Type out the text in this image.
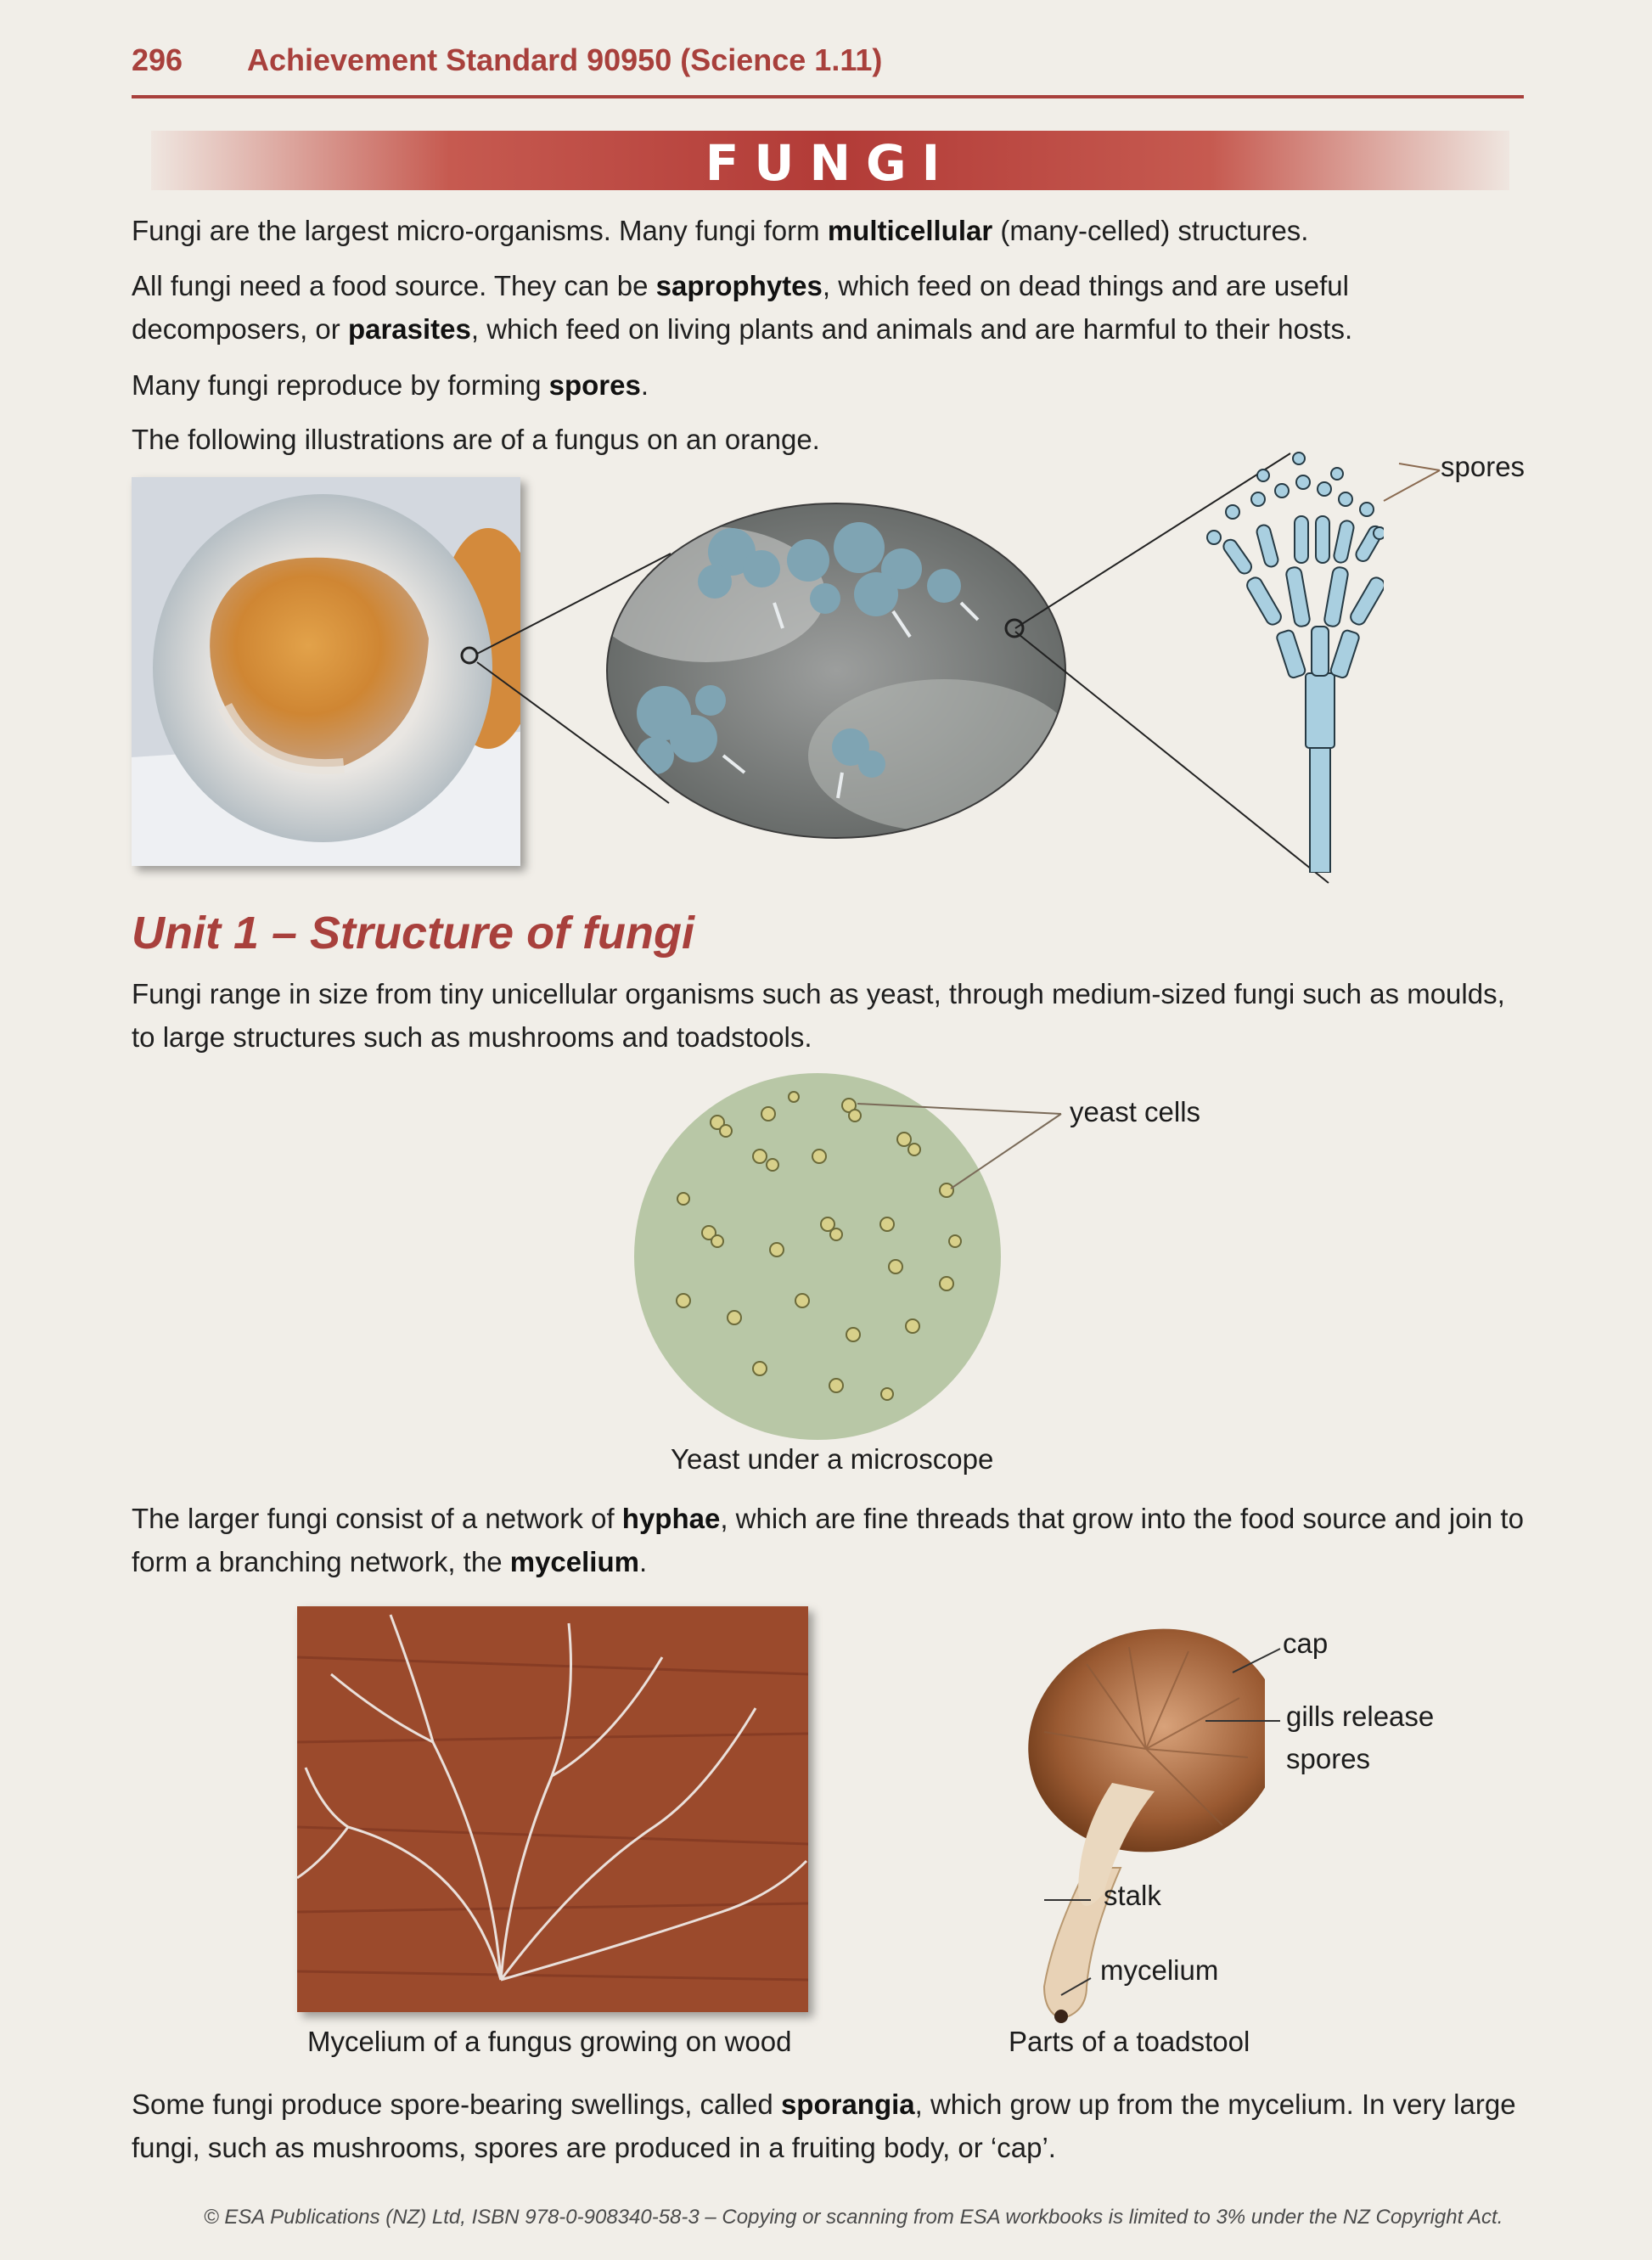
296 Achievement Standard 90950 (Science 1.11)
FUNGI

Fungi are the largest micro-organisms. Many fungi form multicellular (many-celled) structures.

All fungi need a food source. They can be saprophytes, which feed on dead things and are useful decomposers, or parasites, which feed on living plants and animals and are harmful to their hosts.

Many fungi reproduce by forming spores.

The following illustrations are of a fungus on an orange.

spores
Unit 1 – Structure of fungi

Fungi range in size from tiny unicellular organisms such as yeast, through medium-sized fungi such as moulds, to large structures such as mushrooms and toadstools.

yeast cells
Yeast under a microscope

The larger fungi consist of a network of hyphae, which are fine threads that grow into the food source and join to form a branching network, the mycelium.

Mycelium of a fungus growing on wood
cap
gills release
spores
stalk
mycelium
Parts of a toadstool

Some fungi produce spore-bearing swellings, called sporangia, which grow up from the mycelium. In very large fungi, such as mushrooms, spores are produced in a fruiting body, or ‘cap’.

© ESA Publications (NZ) Ltd, ISBN 978-0-908340-58-3 – Copying or scanning from ESA workbooks is limited to 3% under the NZ Copyright Act.
